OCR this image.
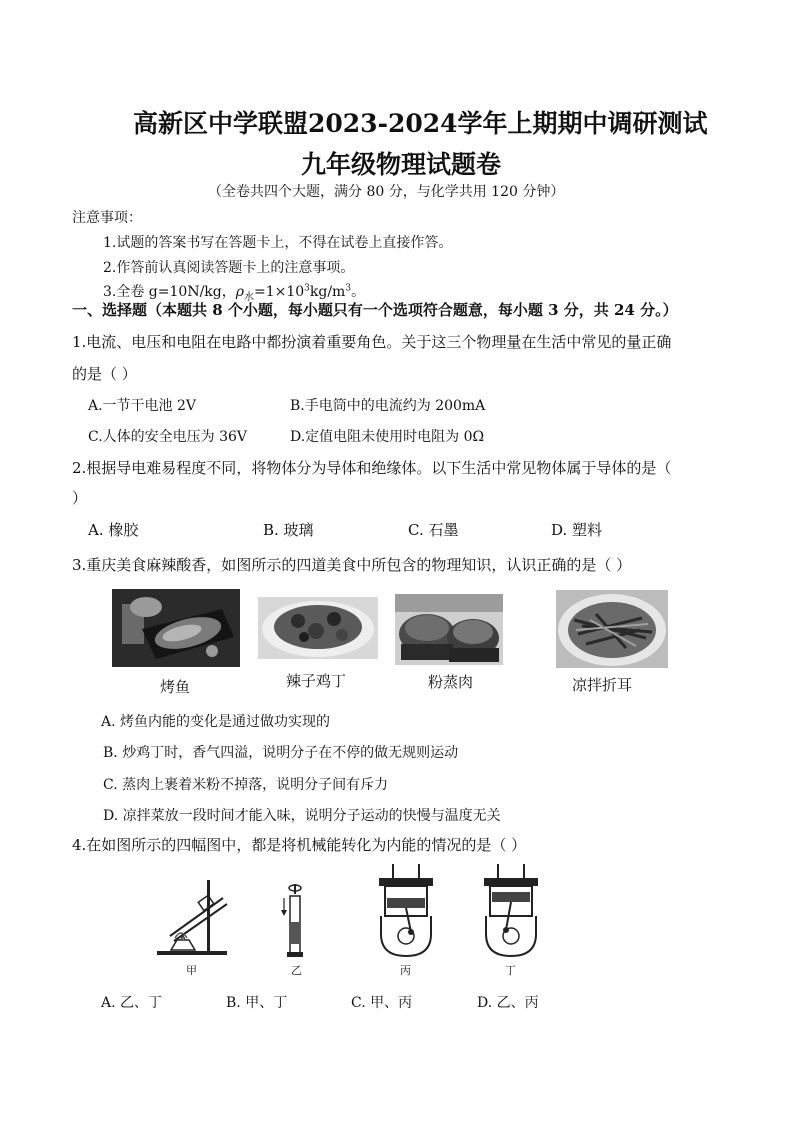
高新区中学联盟2023-2024学年上期期中调研测试
九年级物理试题卷
（全卷共四个大题，满分 80 分，与化学共用 120 分钟）
注意事项：
1.试题的答案书写在答题卡上，不得在试卷上直接作答。
2.作答前认真阅读答题卡上的注意事项。
3.全卷 g=10N/kg，$\rho_水=1\times 10^3kg/m^3$。
一、选择题（本题共 8 个小题，每小题只有一个选项符合题意，每小题 3 分，共 24 分。）
1.电流、电压和电阻在电路中都扮演着重要角色。关于这三个物理量在生活中常见的量正确
的是（ ）
A.一节干电池 2V	B.手电筒中的电流约为 200mA
C.人体的安全电压为 36V	D.定值电阻未使用时电阻为 0Ω
2.根据导电难易程度不同，将物体分为导体和绝缘体。以下生活中常见物体属于导体的是（
）
A. 橡胶	B. 玻璃	C. 石墨	D. 塑料
3.重庆美食麻辣酸香，如图所示的四道美食中所包含的物理知识，认识正确的是（ ）
烤鱼	辣子鸡丁	粉蒸肉	凉拌折耳
A. 烤鱼内能的变化是通过做功实现的
B. 炒鸡丁时，香气四溢，说明分子在不停的做无规则运动
C. 蒸肉上裹着米粉不掉落，说明分子间有斥力
D. 凉拌菜放一段时间才能入味，说明分子运动的快慢与温度无关
4.在如图所示的四幅图中，都是将机械能转化为内能的情况的是（ ）
甲	乙	丙	丁
A. 乙、丁	B. 甲、丁	C. 甲、丙	D. 乙、丙
